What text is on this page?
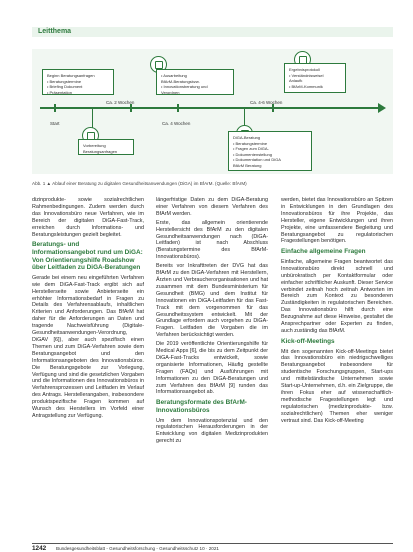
Leitthema
Start
Ca. 2 Wochen
Ca. 4 Wochen
Ca. 4-6 Wochen
Beginn Beratungsanfragen
• Beratungstermine
• Briefing Dokument
• Präsentation
• Ausarbeitung
BfArM-Beratungsbzw.
• Innovationsberatung und
Verordnen
Ergebnisprotokoll
• Verständnisweisel
Anlaufk
• BfArM-Kommunik
Vorbereitung
Beratungsanfragen
DiGA-Beratung
• Beratungstermine
• Fragen zum DiGA-
• Dokumentenstellung
• Dokumentation und DiGA
BfArM Beratung
Abb. 1 ▲ Ablauf einer Beratung zu digitalen Gesundheitsanwendungen (DiGA) im BfArM. (Quelle: BfArM)

dizinprodukte- sowie sozialrechtlichen Rahmenbedingungen. Zudem werden durch das Innovationsbüro neue Verfahren, wie im Bereich der digitalen DiGA-Fast-Track, erreichen durch Informations- und Beratungsleistungen gezielt begleitet.

Beratungs- und Informationsangebot rund um DiGA: Von Orientierungshilfe Roadshow über Leitfaden zu DiGA-Beratungen

Gerade bei einem neu eingeführten Verfahren wie dem DiGA-Fast-Track ergibt sich auf Herstellerseite sowie Anbieterseite ein erhöhter Informationsbedarf in Fragen zu Details des Verfahrensablaufs, inhaltlichen Kriterien und Anforderungen. Das BfArM hat daher für die Anforderungen an Daten und tragende Nachweisführung (Digitale-Gesundheitsanwendungen-Verordnung, DiGAV [6]), aber auch spezifisch einen Themen und zum DiGA-Verfahren sowie dem Beratungsangebot und den Informationsangeboten des Innovationsbüros. Die Beratungsgebote zur Vorlegung, Verfügung und sind die gesetzlichen Vorgaben und die Informationen des Innovationsbüros in Verfahrensprozessen und Leitfaden im Verlauf des Antrags. Herstellerangaben, insbesondere produktspezifische Fragen kommen auf Wunsch des Herstellers im Vorfeld einer Antragstellung zur Verfügung.

längerfristige Daten zu dem DiGA-Beratung einer Verfahren von diesem Verfahren des BfArM werden.

Erste, das allgemein orientierende Herstellersicht des BfArM zu den digitalen Gesundheitsanwendungen nach (DiGA-Leitfaden) ist nach Abschluss (Beratungstermine des BfArM-Innovationsbüros).

Bereits vor Inkrafttreten der DVG hat das BfArM zu den DiGA-Verfahren mit Herstellern, Ärzten und Verbraucherorganisationen und hat zusammen mit dem Bundesministerium für Gesundheit (BMG) und dem Institut für Innovationen ein DiGA-Leitfaden für das Fast-Track mit dem vorgenommen für das Gesundheitssystem entwickelt. Mit der Grundlage erfordern auch vorgehen zu DiGA-Fragen. Leitfaden die Vorgaben die im Verfahren berücksichtigt werden.

Die 2019 veröffentlichte Orientierungshilfe für Medical Apps [6], die bis zu dem Zeitpunkt der DiGA-Fast-Tracks entwickelt, sowie organisierte Informationen, Häufig gestellte Fragen (FAQs) und Ausführungen mit Informationen zu den DiGA-Beratungen und zum Verfahren des BfArM [9] runden das Informationsangebot ab.

Beratungsformate des BfArM-Innovationsbüros

Um dem Innovationspotenzial und den regulatorischen Herausforderungen in der Entwicklung von digitalen Medizinprodukten gerecht zu

werden, bietet das Innovationsbüro an Spitzen in Entwicklungen in den Grundlagen des Innovationsbüros für ihre Projekte, das Hersteller, eigene Entwicklungen und ihren Projekte, eine umfassendere Begleitung und Beratungsangebot zu regulatorischen Fragestellungen benötigen.

Einfache allgemeine Fragen

Einfache, allgemeine Fragen beantwortet das Innovationsbüro direkt schnell und unbürokratisch per Kontaktformular oder einfacher schriftlicher Auskunft. Dieser Service verbindet zeitnah hoch zeitnah Antworten im Bereich zum Kontext zu besonderen Zuständigkeiten in regulatorischen Bereichen. Das Innovationsbüro hilft durch eine Bezugnahme auf diese Hinweise, gestaltet die Ansprechpartner oder Experten zu finden, auch zuständig das BfArM.

Kick-off-Meetings

Mit den sogenannten Kick-off-Meetings bietet das Innovationsbüro ein niedrigschwelliges Beratungsangebot insbesondere für studentische Forschungsgruppen, Start-ups und mittelständische Unternehmen sowie Start-up-Unternehmen, d.h. ein Zielgruppe, die ihren Fokus eher auf wissenschaftlich-methodische Fragestellungen legt und regulatorischen (medizinprodukte- bzw. sozialrechtlichen) Themen eher weniger vertraut sind. Das Kick-off-Meeting

1242 Bundesgesundheitsblatt - Gesundheitsforschung - Gesundheitsschutz 10 · 2021
